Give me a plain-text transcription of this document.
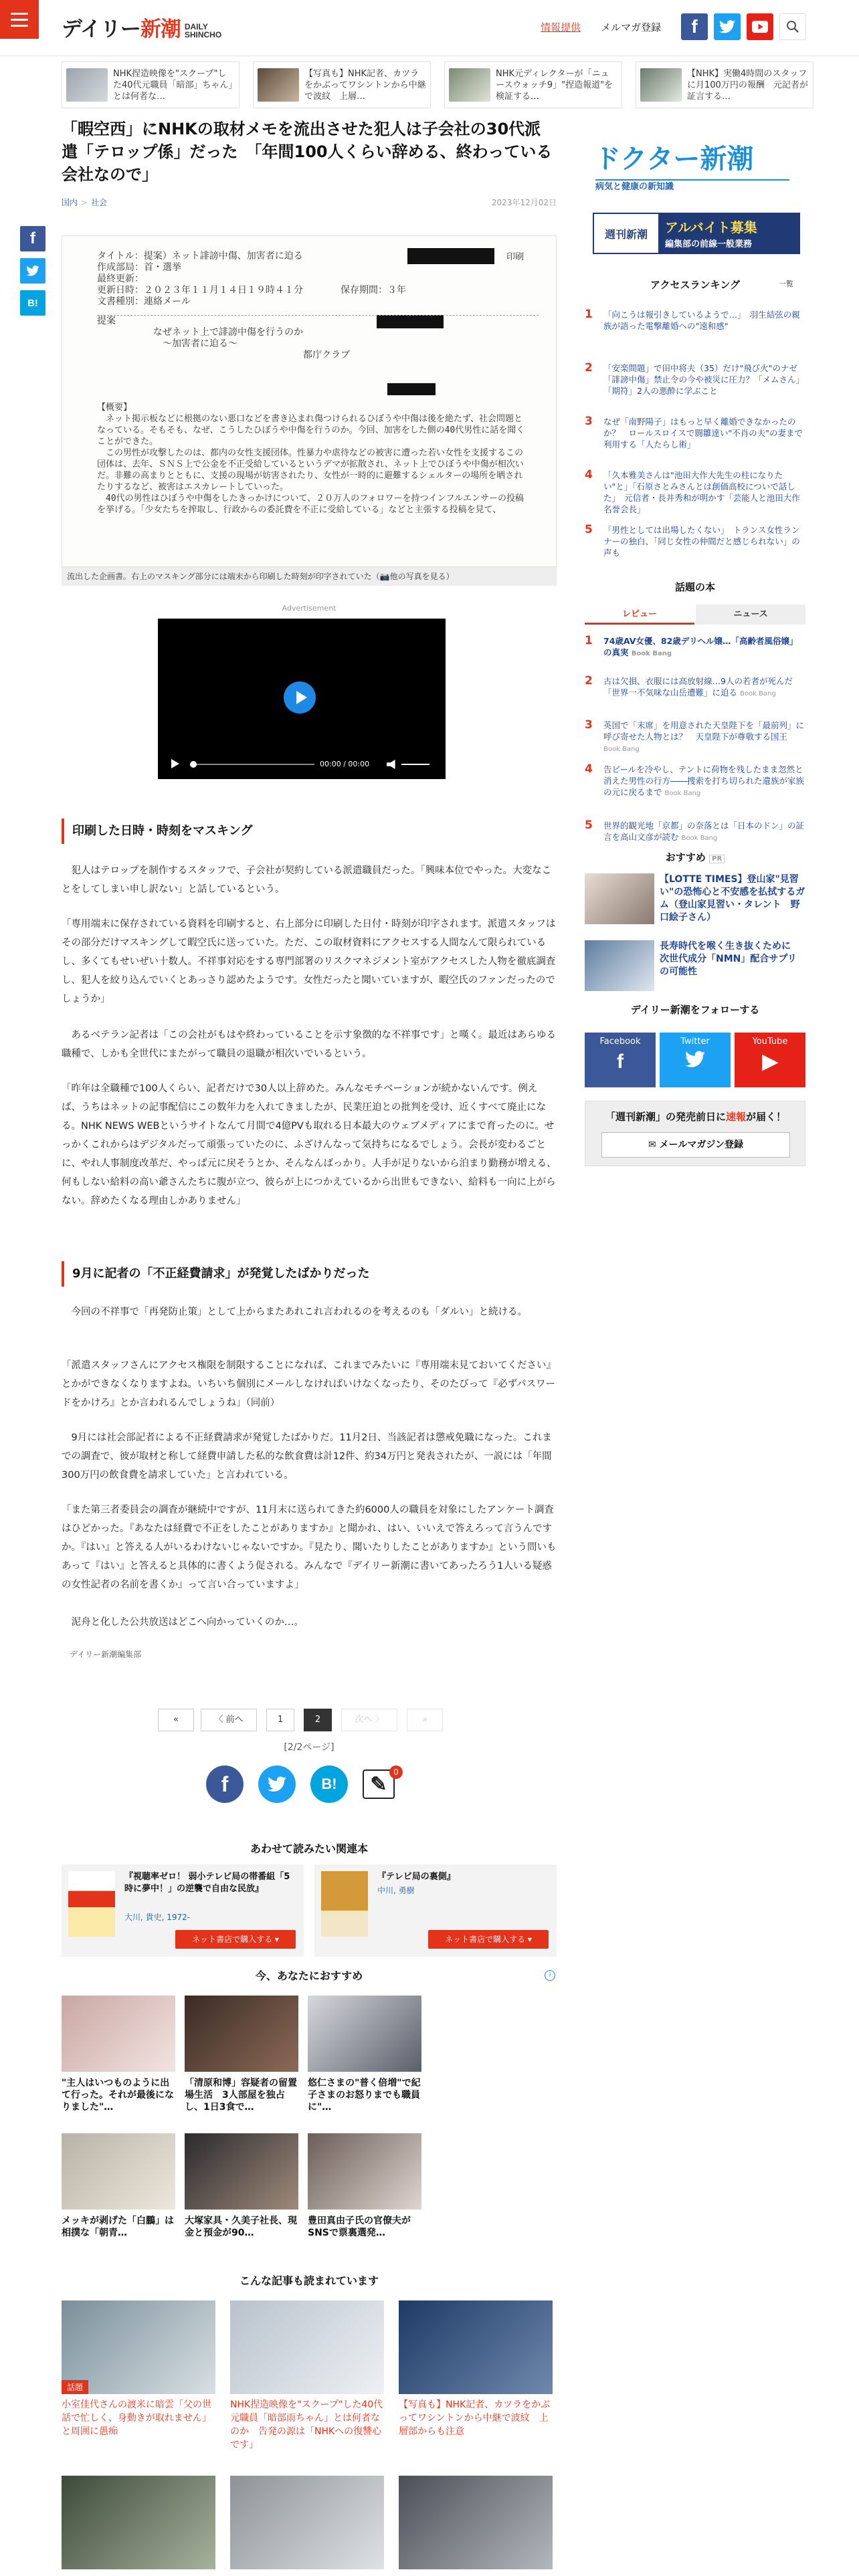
デイリー新潮 DAILY
SHINCHO
情報提供 メルマガ登録	f
NHK捏造映像を"スクープ"した40代元職員「暗部」ちゃん」とは何者な…
【写真も】NHK記者、カツラをかぶってワシントンから中継で波紋　上層…
NHK元ディレクターが「ニュースウォッチ9」"捏造報道"を検証する…
【NHK】実働4時間のスタッフに月100万円の報酬　元記者が証言する…
f
B!
「暇空西」にNHKの取材メモを流出させた犯人は子会社の30代派遣「テロップ係」だった　「年間100人くらい辞める、終わっている会社なので」
国内 > 社会	2023年12月02日
印刷
タイトル：提案）ネット誹謗中傷、加害者に迫る
作成部局：首・選挙
最終更新：
更新日時：２０２３年１１月１４日１９時４１分　　　　保存期間：３年
文書種別：連絡メール
提案
　　　　　　なぜネット上で誹謗中傷を行うのか
　　　　　　　～加害者に迫る～
　　　　　　　　　　　　　　　　　　　　　　都庁クラブ
【概要】
　ネット掲示板などに根拠のない悪口などを書き込まれ傷つけられるひぼうや中傷は後を絶たず、社会問題となっている。そもそも、なぜ、こうしたひぼうや中傷を行うのか。今回、加害をした側の40代男性に話を聞くことができた。
　この男性が攻撃したのは、都内の女性支援団体。性暴力や虐待などの被害に遭った若い女性を支援するこの団体は、去年、ＳＮＳ上で公金を不正受給しているというデマが拡散され、ネット上でひぼうや中傷が相次いだ。非難の高まりとともに、支援の現場が妨害されたり、女性が一時的に避難するシェルターの場所を晒されたりするなど、被害はエスカレートしていった。
　40代の男性はひぼうや中傷をしたきっかけについて、２０万人のフォロワーを持つインフルエンサーの投稿を挙げる。「少女たちを搾取し、行政からの委託費を不正に受給している」などと主張する投稿を見て、
流出した企画書。右上のマスキング部分には端末から印刷した時刻が印字されていた（📷他の写真を見る）
Advertisement
00:00 / 00:00
印刷した日時・時刻をマスキング

　犯人はテロップを制作するスタッフで、子会社が契約している派遣職員だった。「興味本位でやった。大変なことをしてしまい申し訳ない」と話しているという。

「専用端末に保存されている資料を印刷すると、右上部分に印刷した日付・時刻が印字されます。派遣スタッフはその部分だけマスキングして暇空氏に送っていた。ただ、この取材資料にアクセスする人間なんて限られているし、多くてもせいぜい十数人。不祥事対応をする専門部署のリスクマネジメント室がアクセスした人物を徹底調査し、犯人を絞り込んでいくとあっさり認めたようです。女性だったと聞いていますが、暇空氏のファンだったのでしょうか」

　あるベテラン記者は「この会社がもはや終わっていることを示す象徴的な不祥事です」と嘆く。最近はあらゆる職種で、しかも全世代にまたがって職員の退職が相次いでいるという。

「昨年は全職種で100人くらい、記者だけで30人以上辞めた。みんなモチベーションが続かないんです。例えば、うちはネットの記事配信にこの数年力を入れてきましたが、民業圧迫との批判を受け、近くすべて廃止になる。NHK NEWS WEBというサイトなんて月間で4億PVも取れる日本最大のウェブメディアにまで育ったのに。せっかくこれからはデジタルだって頑張っていたのに、ふざけんなって気持ちになるでしょう。会長が変わるごとに、やれ人事制度改革だ、やっぱ元に戻そうとか、そんなんばっかり。人手が足りないから泊まり勤務が増える、何もしない給料の高い爺さんたちに腹が立つ、彼らが上につかえているから出世もできない、給料も一向に上がらない。辞めたくなる理由しかありません」

9月に記者の「不正経費請求」が発覚したばかりだった

　今回の不祥事で「再発防止策」として上からまたあれこれ言われるのを考えるのも「ダルい」と続ける。

「派遣スタッフさんにアクセス権限を制限することになれば、これまでみたいに『専用端末見ておいてください』とかができなくなりますよね。いちいち個別にメールしなければいけなくなったり、そのたびって『必ずパスワードをかけろ』とか言われるんでしょうね」（同前）

　9月には社会部記者による不正経費請求が発覚したばかりだ。11月2日、当該記者は懲戒免職になった。これまでの調査で、彼が取材と称して経費申請した私的な飲食費は計12件、約34万円と発表されたが、一説には「年間300万円の飲食費を請求していた」と言われている。

「また第三者委員会の調査が継続中ですが、11月末に送られてきた約6000人の職員を対象にしたアンケート調査はひどかった。『あなたは経費で不正をしたことがありますか』と聞かれ、はい、いいえで答えろって言うんですか。『はい』と答える人がいるわけないじゃないですか。『見たり、聞いたりしたことがありますか』という問いもあって『はい』と答えると具体的に書くよう促される。みんなで『デイリー新潮に書いてあったろう1人いる疑惑の女性記者の名前を書くか』って言い合っていますよ」

　泥舟と化した公共放送はどこへ向かっていくのか…。

デイリー新潮編集部

«	〈 前へ	1	2	次へ 〉	»
[2/2ページ]
f	B!	✎
0
あわせて読みたい関連本
『視聴率ゼロ！ 弱小テレビ局の帯番組「5時に夢中！」の逆襲で自由な民放』
大川, 貴史, 1972-
ネット書店で購入する ▾
『テレビ局の裏側』
中川, 勇樹
ネット書店で購入する ▾
今、あなたにおすすめ	i
"主人はいつものように出て行った。それが最後になりました"…
「清原和博」容疑者の留置場生活　3人部屋を独占し、1日3食で…
悠仁さまの"普く倍増"で紀子さまのお怒りまでも職員に"…
メッキが剥げた「白鵬」は相撲な「朝青…
大塚家具・久美子社長、現金と預金が90…
豊田真由子氏の官僚夫がSNSで票裏選発…
こんな記事も読まれています
話題
小室佳代さんの渡米に暗雲「父の世話で忙しく、身動きが取れません」と周囲に愚痴
NHK捏造映像を"スクープ"した40代元職員「暗部雨ちゃん」とは何者なのか　告発の源は「NHKへの復讐心です」
【写真も】NHK記者、カツラをかぶってワシントンから中継で波紋　上層部からも注意
ドクター新潮
病気と健康の新知識
週刊新潮	アルバイト募集
編集部の前線一般業務
アクセスランキング	一覧
1	「向こうは報引きしているようで…」　羽生結弦の親族が語った電撃離婚への"遠和感"
2	「安楽間題」で田中将夫（35）だけ"飛び火"のナゼ　「誹謗中傷」禁止令の今や被災に圧力？「メムさん」「期符」2人の悪酔に学ぶこと
3	なぜ「南野陽子」はもっと早く離婚できなかったのか？　ロールスロイスで闘雛達い"不肖の夫"の妻まで利用する「人たらし術」
4	「久本雅美さんは"池田大作大先生の柱になりたい"と」「石原さとみさんとは創価高校についで話した」　元信者・長井秀和が明かす「芸能人と池田大作名誉会長」
5	「男性としては出場したくない」　トランス女性ランナーの独白、「同じ女性の仲間だと感じられない」の声も
話題の本
レビュー	ニュース
1	74歳AV女優、82歳デリヘル嬢…「高齢者風俗嬢」の真実 Book Bang
2	古は欠損、衣服には高放射線…9人の若者が死んだ「世界一不気味な山岳遭難」に迫る Book Bang
3	英国で「末席」を用意された天皇陛下を「最前列」に呼び寄せた人物とは？　天皇陛下が尊敬する国王 Book Bang
4	告ビールを冷やし、テントに荷物を残したまま忽然と消えた男性の行方――捜索を打ち切られた遺族が家族の元に戻るまで Book Bang
5	世界的観光地「京都」の奈落とは「日本のドン」の証言を高山文彦が読む Book Bang
おすすめ PR
【LOTTE TIMES】登山家"見習い"の恐怖心と不安感を払拭するガム（登山家見習い・タレント　野口絵子さん）
長寿時代を喉く生き抜くために　次世代成分「NMN」配合サプリの可能性
デイリー新潮をフォローする
Facebook
f
Twitter	YouTube
▶
「週刊新潮」の発売前日に速報が届く！
✉ メールマガジン登録
